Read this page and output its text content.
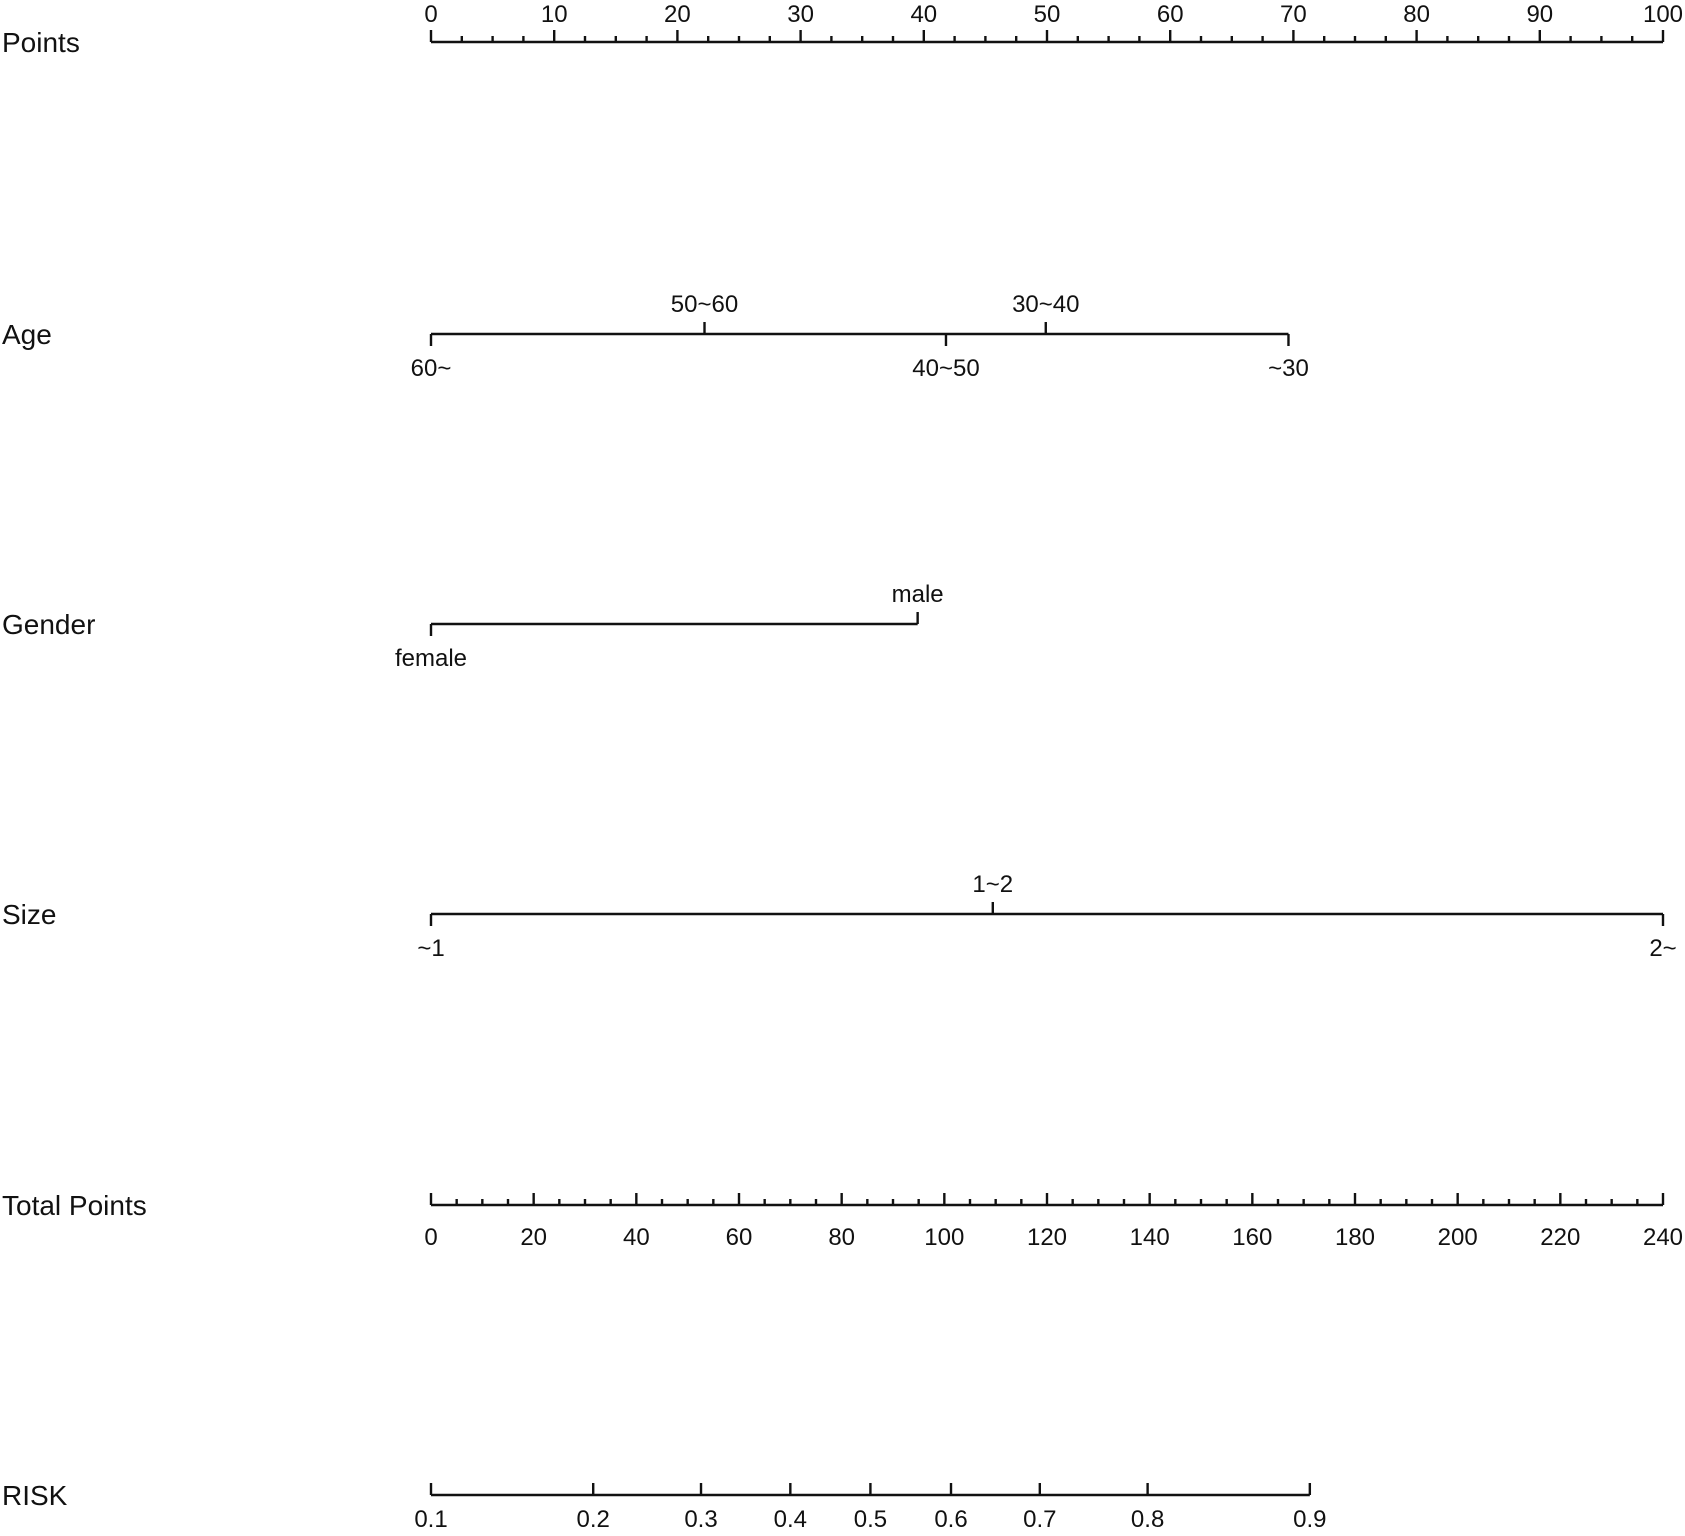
Points
0	10	20	30	40	50	60	70	80	90	100
Age
60~
50~60
40~50
30~40
~30
Gender
female
male
Size
~1
1~2
2~
Total Points
0	20	40	60	80	100	120	140	160	180	200	220	240
RISK
0.1	0.2	0.3 0.4 0.5 0.6 0.7	0.8	0.9
